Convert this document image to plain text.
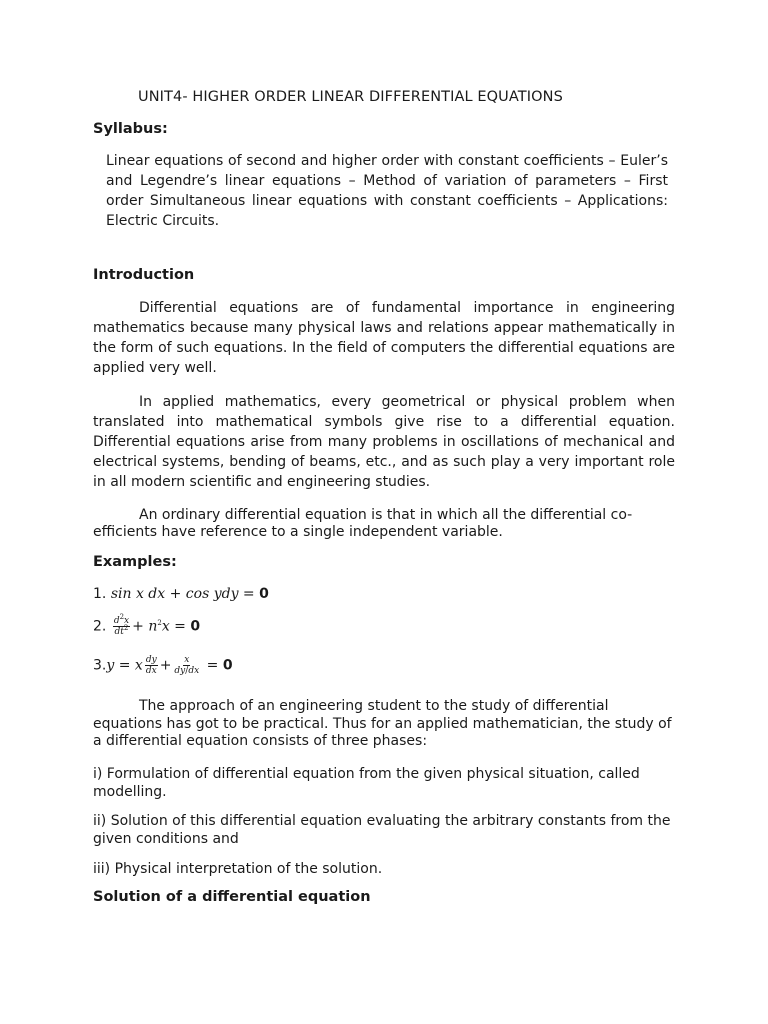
UNIT4- HIGHER ORDER LINEAR DIFFERENTIAL EQUATIONS
Syllabus:
Linear equations of second and higher order with constant coefficients – Euler’s and Legendre’s linear equations – Method of variation of parameters – First order Simultaneous linear equations with constant coefficients – Applications: Electric Circuits.
Introduction
Differential equations are of fundamental importance in engineering mathematics because many physical laws and relations appear mathematically in the form of such equations. In the field of computers the differential equations are applied very well.
In applied mathematics, every geometrical or physical problem when translated into mathematical symbols give rise to a differential equation. Differential equations arise from many problems in oscillations of mechanical and electrical systems, bending of beams, etc., and as such play a very important role in all modern scientific and engineering studies.
An ordinary differential equation is that in which all the differential co-efficients have reference to a single independent variable.
Examples:
1. sin x dx + cos ydy = 0
2. $\frac{d^2x}{dt^2} + n^2x = 0$
3.y = x $\frac{dy}{dx} + \frac{x}{dy/dx} = 0$
The approach of an engineering student to the study of differential equations has got to be practical. Thus for an applied mathematician, the study of a differential equation consists of three phases:
i) Formulation of differential equation from the given physical situation, called modelling.
ii) Solution of this differential equation evaluating the arbitrary constants from the given conditions and
iii) Physical interpretation of the solution.
Solution of a differential equation
